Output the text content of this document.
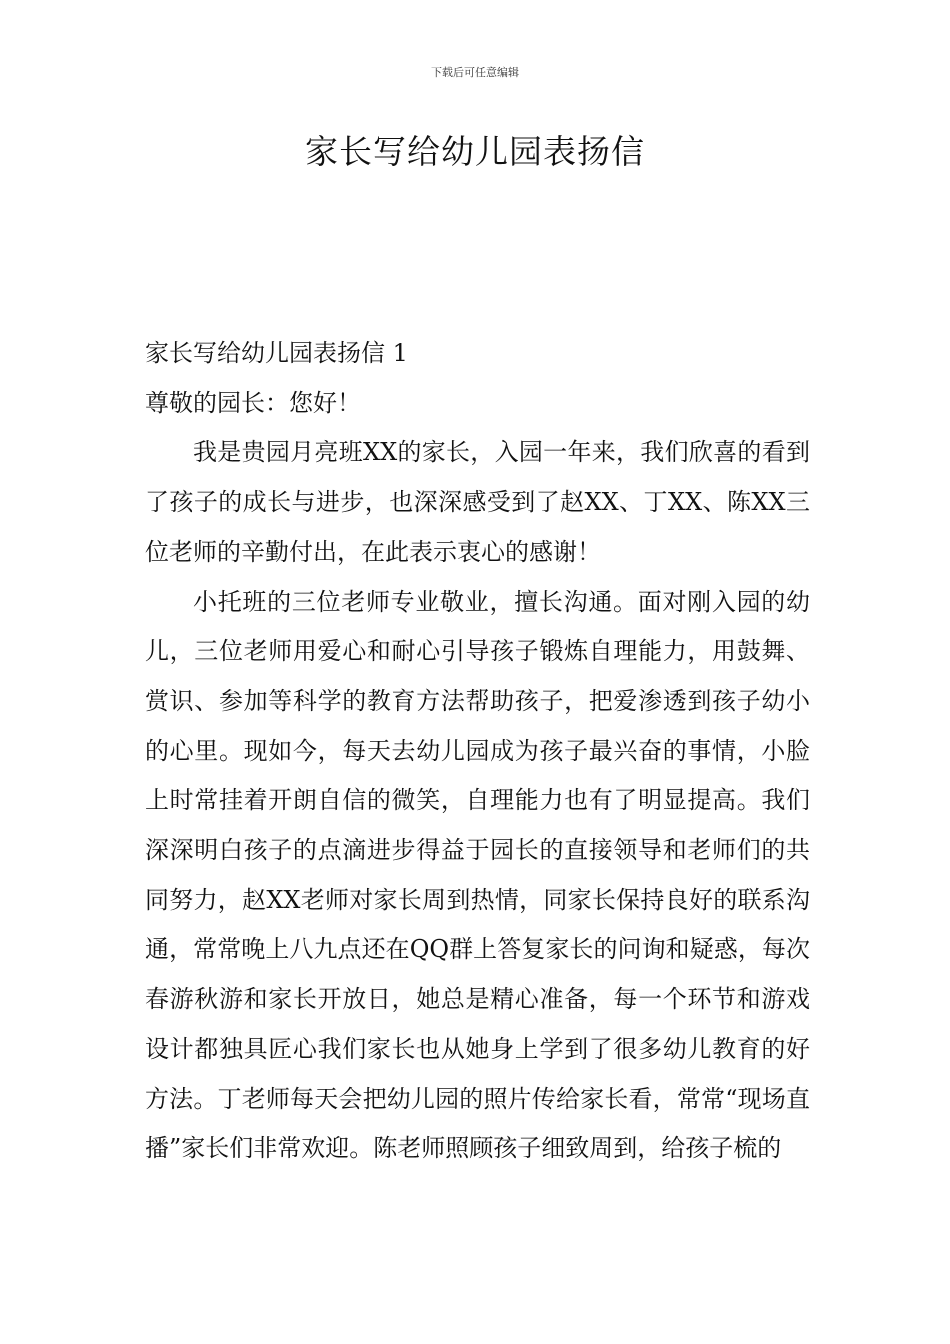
下载后可任意编辑
家长写给幼儿园表扬信

家长写给幼儿园表扬信 1

尊敬的园长：您好！

我是贵园月亮班XX的家长，入园一年来，我们欣喜的看到了孩子的成长与进步，也深深感受到了赵XX、丁XX、陈XX三位老师的辛勤付出，在此表示衷心的感谢！

小托班的三位老师专业敬业，擅长沟通。面对刚入园的幼儿，三位老师用爱心和耐心引导孩子锻炼自理能力，用鼓舞、赏识、参加等科学的教育方法帮助孩子，把爱渗透到孩子幼小的心里。现如今，每天去幼儿园成为孩子最兴奋的事情，小脸上时常挂着开朗自信的微笑，自理能力也有了明显提高。我们深深明白孩子的点滴进步得益于园长的直接领导和老师们的共同努力，赵XX老师对家长周到热情，同家长保持良好的联系沟通，常常晚上八九点还在QQ群上答复家长的问询和疑惑，每次春游秋游和家长开放日，她总是精心准备，每一个环节和游戏设计都独具匠心我们家长也从她身上学到了很多幼儿教育的好方法。丁老师每天会把幼儿园的照片传给家长看，常常“现场直播”家长们非常欢迎。陈老师照顾孩子细致周到，给孩子梳的
